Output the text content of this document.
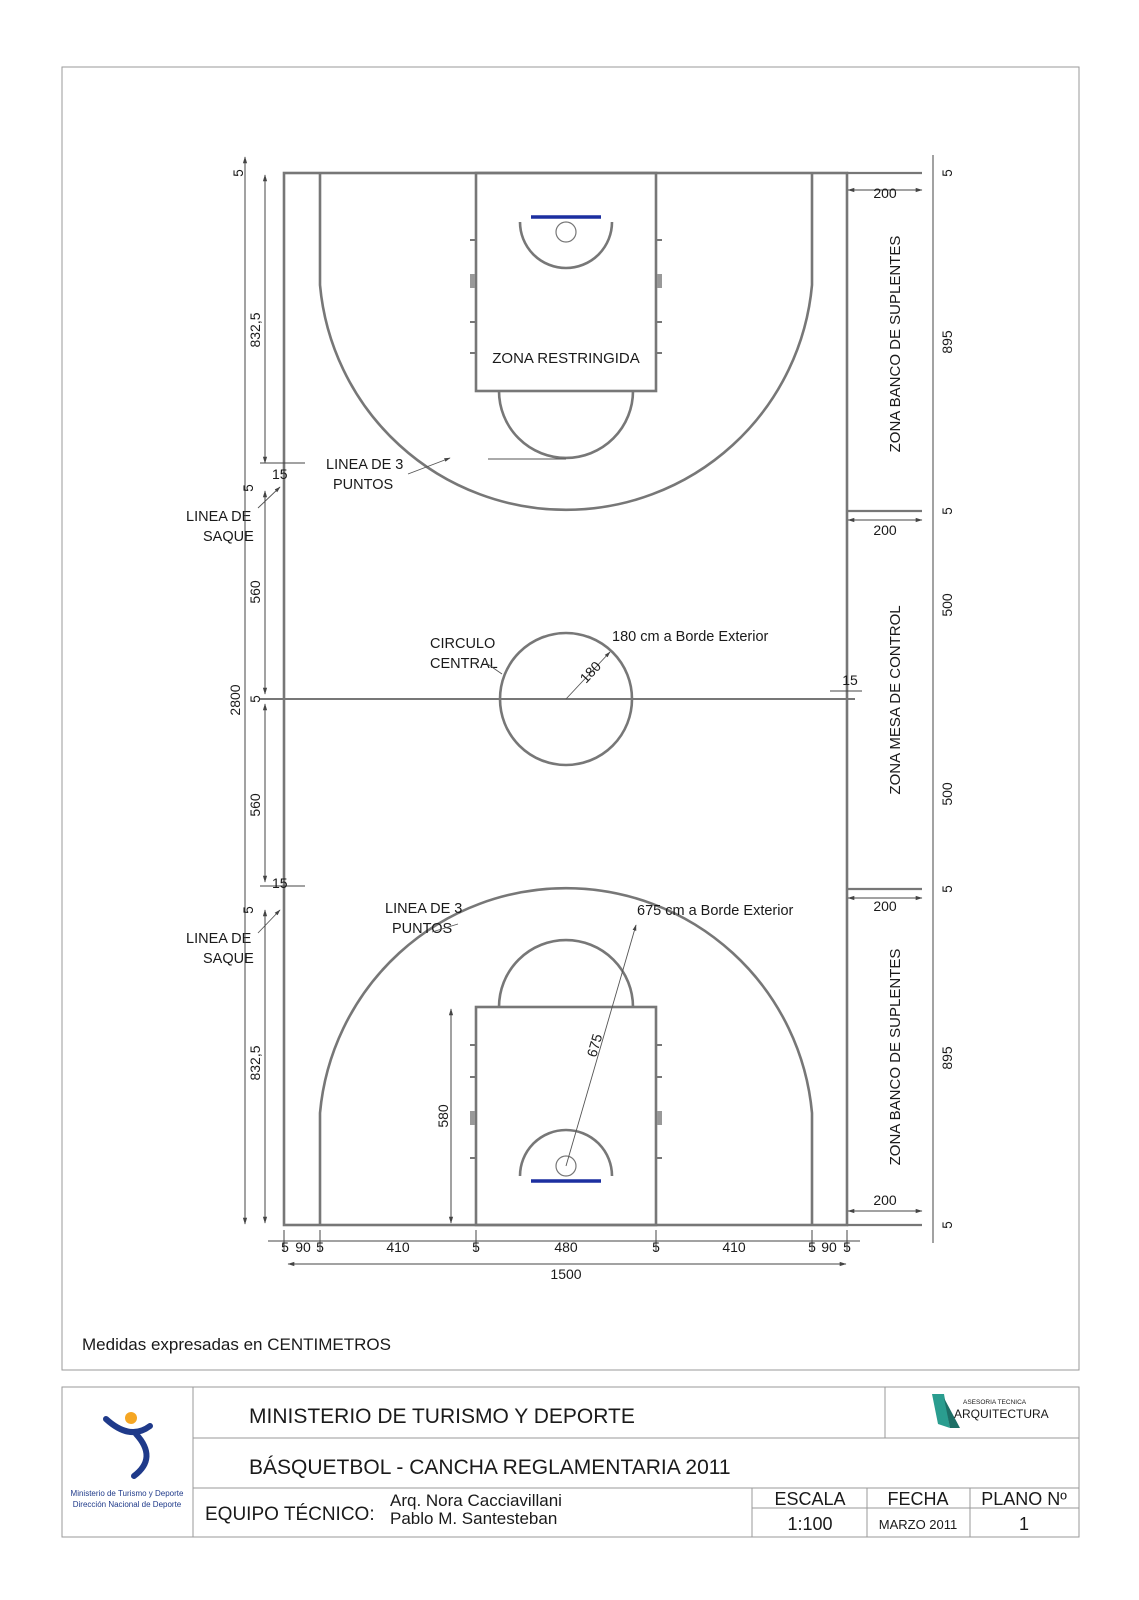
ZONA RESTRINGIDA
LINEA DE 3
PUNTOS
LINEA DE
SAQUE
CIRCULO
CENTRAL
180 cm a Borde Exterior
180
LINEA DE 3
PUNTOS
LINEA DE
SAQUE
675 cm a Borde Exterior
675
580
ZONA BANCO DE SUPLENTES
ZONA MESA DE CONTROL
ZONA BANCO DE SUPLENTES
5
832,5
5
15
560
2800 5
560
15
5
832,5
5
200
895
5
200
500
15
500
5
200
895
200
5
5 90 5	410	5	480	5	410	5 90 5
1500
Medidas expresadas en CENTIMETROS
Ministerio de Turismo y Deporte
Dirección Nacional de Deporte
MINISTERIO DE TURISMO Y DEPORTE
BÁSQUETBOL - CANCHA REGLAMENTARIA 2011
ASESORIA TECNICA
ARQUITECTURA
EQUIPO TÉCNICO:
Arq. Nora Cacciavillani
Pablo M. Santesteban
ESCALA
1:100
FECHA
MARZO 2011
PLANO Nº
1
